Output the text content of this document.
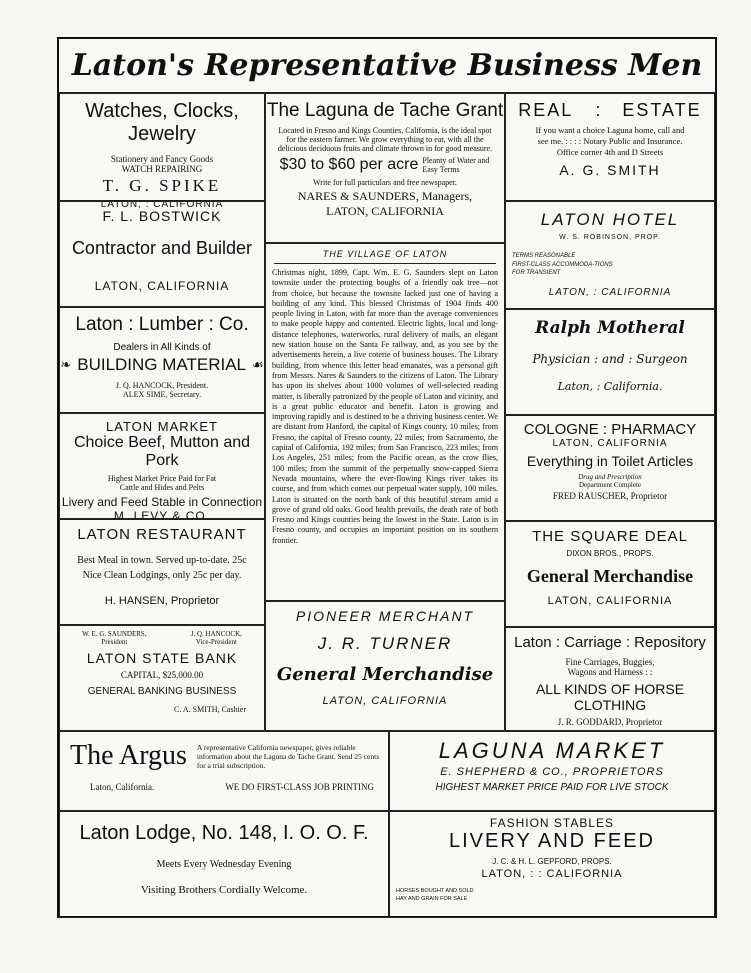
Laton's Representative Business Men
Watches, Clocks, Jewelry
Stationery and Fancy Goods
WATCH REPAIRING
T. G. SPIKE
LATON, : CALIFORNIA
The Laguna de Tache Grant
Located in Fresno and Kings Counties, California, is the ideal spot for the eastern farmer. We grow everything to eat, with all the delicious deciduous fruits and climate thrown in for good measure.
$30 to $60 per acre Pleanty of Water and Easy Terms
Write for full particulars and free newspaper.
NARES & SAUNDERS, Managers,
LATON, CALIFORNIA
REAL : ESTATE
If you want a choice Laguna home, call and see me. : : : : Notary Public and Insurance. Office corner 4th and D Streets
A. G. SMITH
F. L. BOSTWICK
Contractor and Builder
LATON, CALIFORNIA
LATON HOTEL
W. S. ROBINSON, PROP.
TERMS REASONABLE
FIRST-CLASS ACCOMMODA-TIONS FOR TRANSIENT
LATON, : CALIFORNIA
THE VILLAGE OF LATON
Christmas night, 1899, Capt. Wm. E. G. Saunders slept on Laton townsite under the protecting boughs of a friendly oak tree—not from choice, but because the townsite lacked just one of having a building of any kind. This blessed Christmas of 1904 finds 400 people living in Laton, with far more than the average conveniences to make people happy and contented. Electric lights, local and long-distance telephones, waterworks, rural delivery of mails, an elegant new station house on the Santa Fe railway, and, as you see by the advertisements herein, a live coterie of business houses. The Library building, from whence this letter head emanates, was a personal gift from Messrs. Nares & Saunders to the citizens of Laton. The Library has upon its shelves about 1000 volumes of well-selected reading matter, is liberally patronized by the people of Laton and vicinity, and is a great public educator and benefit. Laton is growing and improving rapidly and is destined to be a thriving business center. We are distant from Hanford, the capital of Kings county, 10 miles; from Fresno, the capital of Fresno county, 22 miles; from Sacramento, the capital of California, 192 miles; from San Francisco, 223 miles; from Los Angeles, 251 miles; from the Pacific ocean, as the crow flies, 100 miles; from the summit of the perpetually snow-capped Sierra Nevada mountains, where the ever-flowing Kings river takes its course, and from which comes our perpetual water supply, 100 miles. Laton is situated on the north bank of this beautiful stream amid a grove of grand old oaks. Good health prevails, the death rate of both Fresno and Kings counties being the lowest in the State. Laton is in Fresno county, and occupies an important position on its southern frontier.
Laton : Lumber : Co.
Dealers in All Kinds of
❧ BUILDING MATERIAL ☙
J. Q. HANCOCK, President.
ALEX SIME, Secretary.
Ralph Motheral
Physician : and : Surgeon
Laton, : California.
LATON MARKET
Choice Beef, Mutton and Pork
Highest Market Price Paid for Fat Cattle and Hides and Pelts
Livery and Feed Stable in Connection
M. LEVY & CO.
COLOGNE : PHARMACY
LATON, CALIFORNIA
Everything in Toilet Articles
Drug and Prescription
Department Complete
FRED RAUSCHER, Proprietor
LATON RESTAURANT
Best Meal in town. Served up-to-date. 25c
Nice Clean Lodgings, only 25c per day.
H. HANSEN, Proprietor
THE SQUARE DEAL
DIXON BROS., PROPS.
General Merchandise
LATON, CALIFORNIA
PIONEER MERCHANT
J. R. TURNER
General Merchandise
LATON, CALIFORNIA
W. E. G. SAUNDERS,
President
J. Q. HANCOCK,
Vice-President
LATON STATE BANK
CAPITAL, $25,000.00
GENERAL BANKING BUSINESS
C. A. SMITH, Cashier
Laton : Carriage : Repository
Fine Carriages, Buggies,
Wagons and Harness : :
ALL KINDS OF HORSE CLOTHING
J. R. GODDARD, Proprietor
The Argus A representative California newspaper, gives reliable information about the Laguna de Tache Grant. Send 25 cents for a trial subscription.
Laton, California.	WE DO FIRST-CLASS JOB PRINTING
LAGUNA MARKET
E. SHEPHERD & CO., PROPRIETORS
HIGHEST MARKET PRICE PAID FOR LIVE STOCK
Laton Lodge, No. 148, I. O. O. F.
Meets Every Wednesday Evening
Visiting Brothers Cordially Welcome.
FASHION STABLES
LIVERY AND FEED
J. C. & H. L. GEPFORD, PROPS.
LATON, : : CALIFORNIA
HORSES BOUGHT AND SOLD
HAY AND GRAIN FOR SALE
